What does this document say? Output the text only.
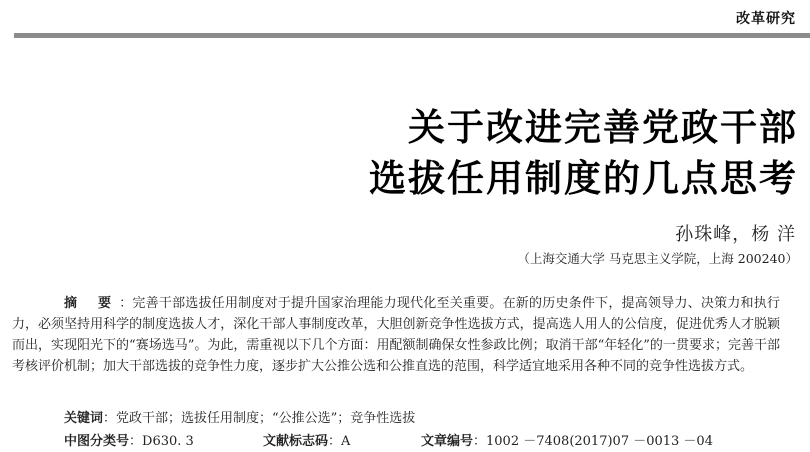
改革研究
关于改进完善党政干部
选拔任用制度的几点思考
孙珠峰，杨 洋
（上海交通大学 马克思主义学院，上海 200240）
摘 要：完善干部选拔任用制度对于提升国家治理能力现代化至关重要。在新的历史条件下，提高领导力、决策力和执行力，必须坚持用科学的制度选拔人才，深化干部人事制度改革，大胆创新竞争性选拔方式，提高选人用人的公信度，促进优秀人才脱颖而出，实现阳光下的“赛场选马”。为此，需重视以下几个方面：用配额制确保女性参政比例；取消干部“年轻化”的一贯要求；完善干部考核评价机制；加大干部选拔的竞争性力度，逐步扩大公推公选和公推直选的范围，科学适宜地采用各种不同的竞争性选拔方式。
关键词：党政干部；选拔任用制度；“公推公选”；竞争性选拔
中图分类号：D630. 3	文献标志码：A	文章编号：1002 －7408(2017)07 －0013 －04
